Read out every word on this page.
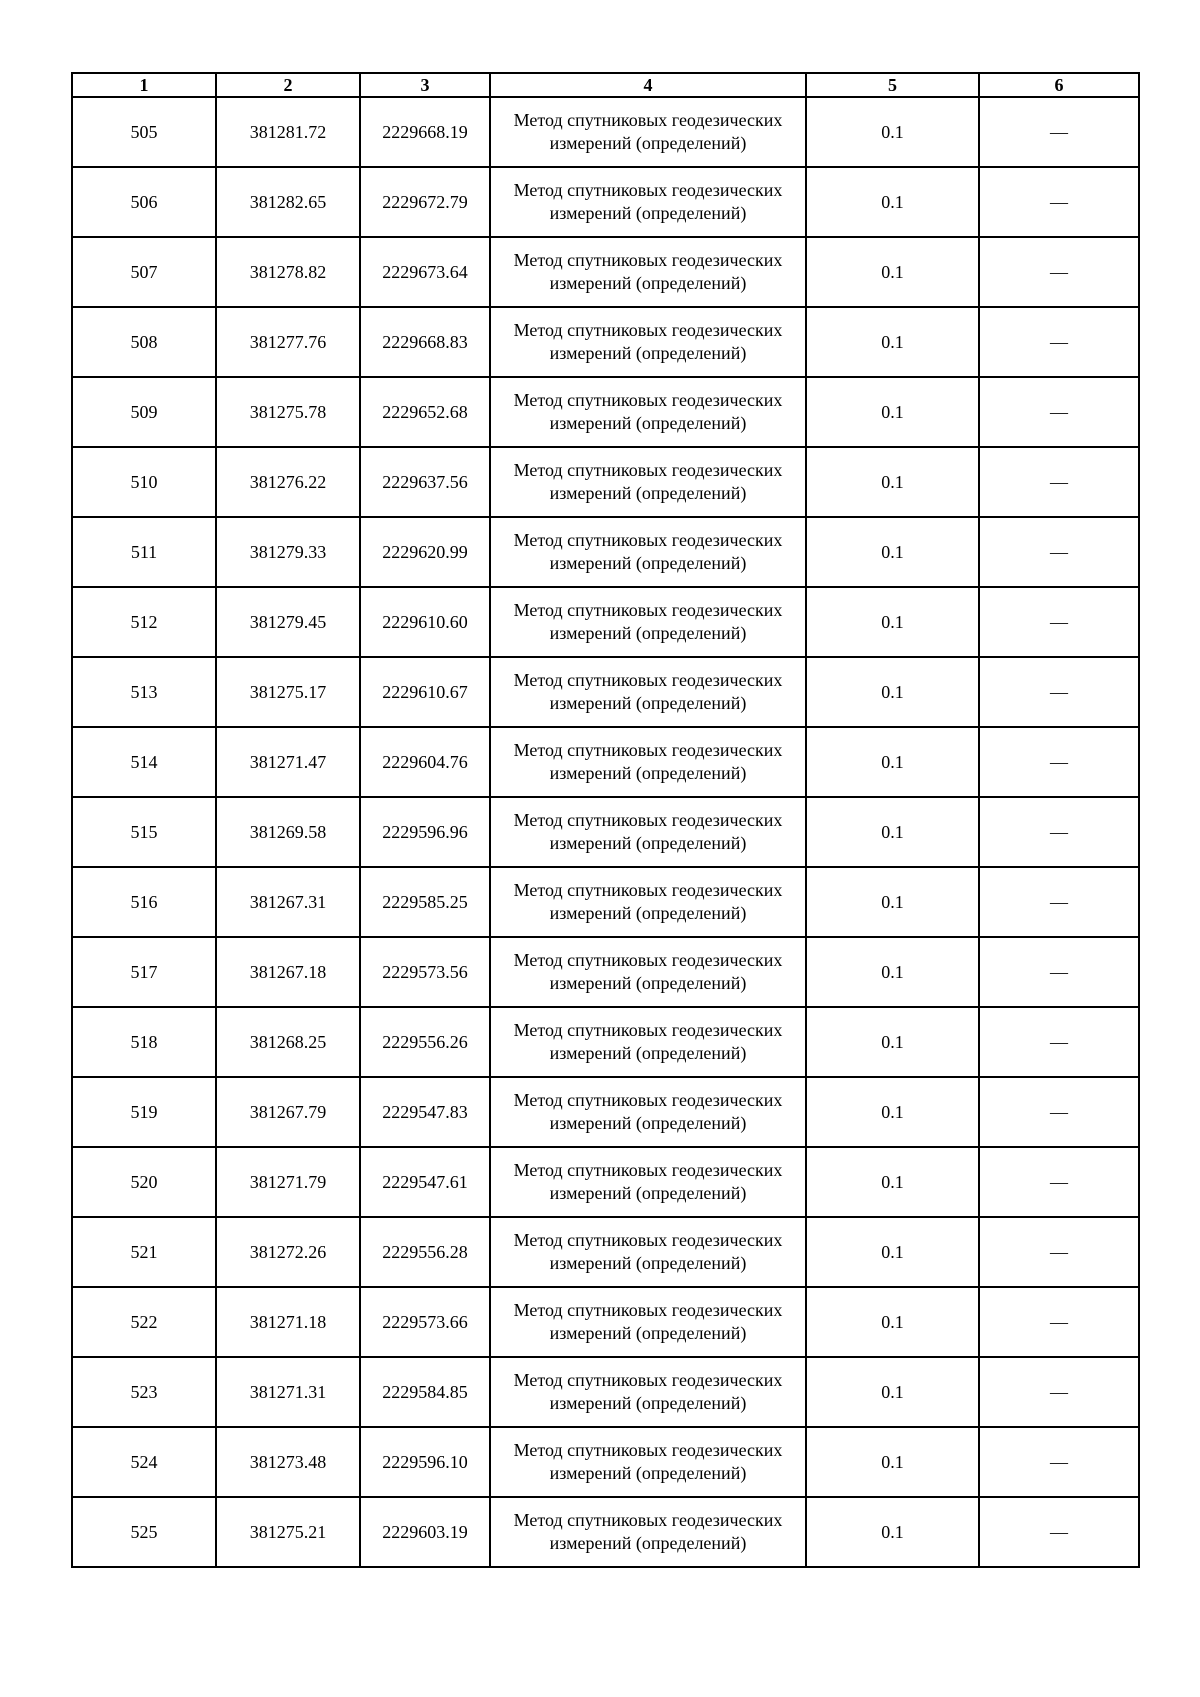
1	2	3	4	5	6
505	381281.72	2229668.19	Метод спутниковых геодезических измерений (определений)	0.1	—
506	381282.65	2229672.79	Метод спутниковых геодезических измерений (определений)	0.1	—
507	381278.82	2229673.64	Метод спутниковых геодезических измерений (определений)	0.1	—
508	381277.76	2229668.83	Метод спутниковых геодезических измерений (определений)	0.1	—
509	381275.78	2229652.68	Метод спутниковых геодезических измерений (определений)	0.1	—
510	381276.22	2229637.56	Метод спутниковых геодезических измерений (определений)	0.1	—
511	381279.33	2229620.99	Метод спутниковых геодезических измерений (определений)	0.1	—
512	381279.45	2229610.60	Метод спутниковых геодезических измерений (определений)	0.1	—
513	381275.17	2229610.67	Метод спутниковых геодезических измерений (определений)	0.1	—
514	381271.47	2229604.76	Метод спутниковых геодезических измерений (определений)	0.1	—
515	381269.58	2229596.96	Метод спутниковых геодезических измерений (определений)	0.1	—
516	381267.31	2229585.25	Метод спутниковых геодезических измерений (определений)	0.1	—
517	381267.18	2229573.56	Метод спутниковых геодезических измерений (определений)	0.1	—
518	381268.25	2229556.26	Метод спутниковых геодезических измерений (определений)	0.1	—
519	381267.79	2229547.83	Метод спутниковых геодезических измерений (определений)	0.1	—
520	381271.79	2229547.61	Метод спутниковых геодезических измерений (определений)	0.1	—
521	381272.26	2229556.28	Метод спутниковых геодезических измерений (определений)	0.1	—
522	381271.18	2229573.66	Метод спутниковых геодезических измерений (определений)	0.1	—
523	381271.31	2229584.85	Метод спутниковых геодезических измерений (определений)	0.1	—
524	381273.48	2229596.10	Метод спутниковых геодезических измерений (определений)	0.1	—
525	381275.21	2229603.19	Метод спутниковых геодезических измерений (определений)	0.1	—
